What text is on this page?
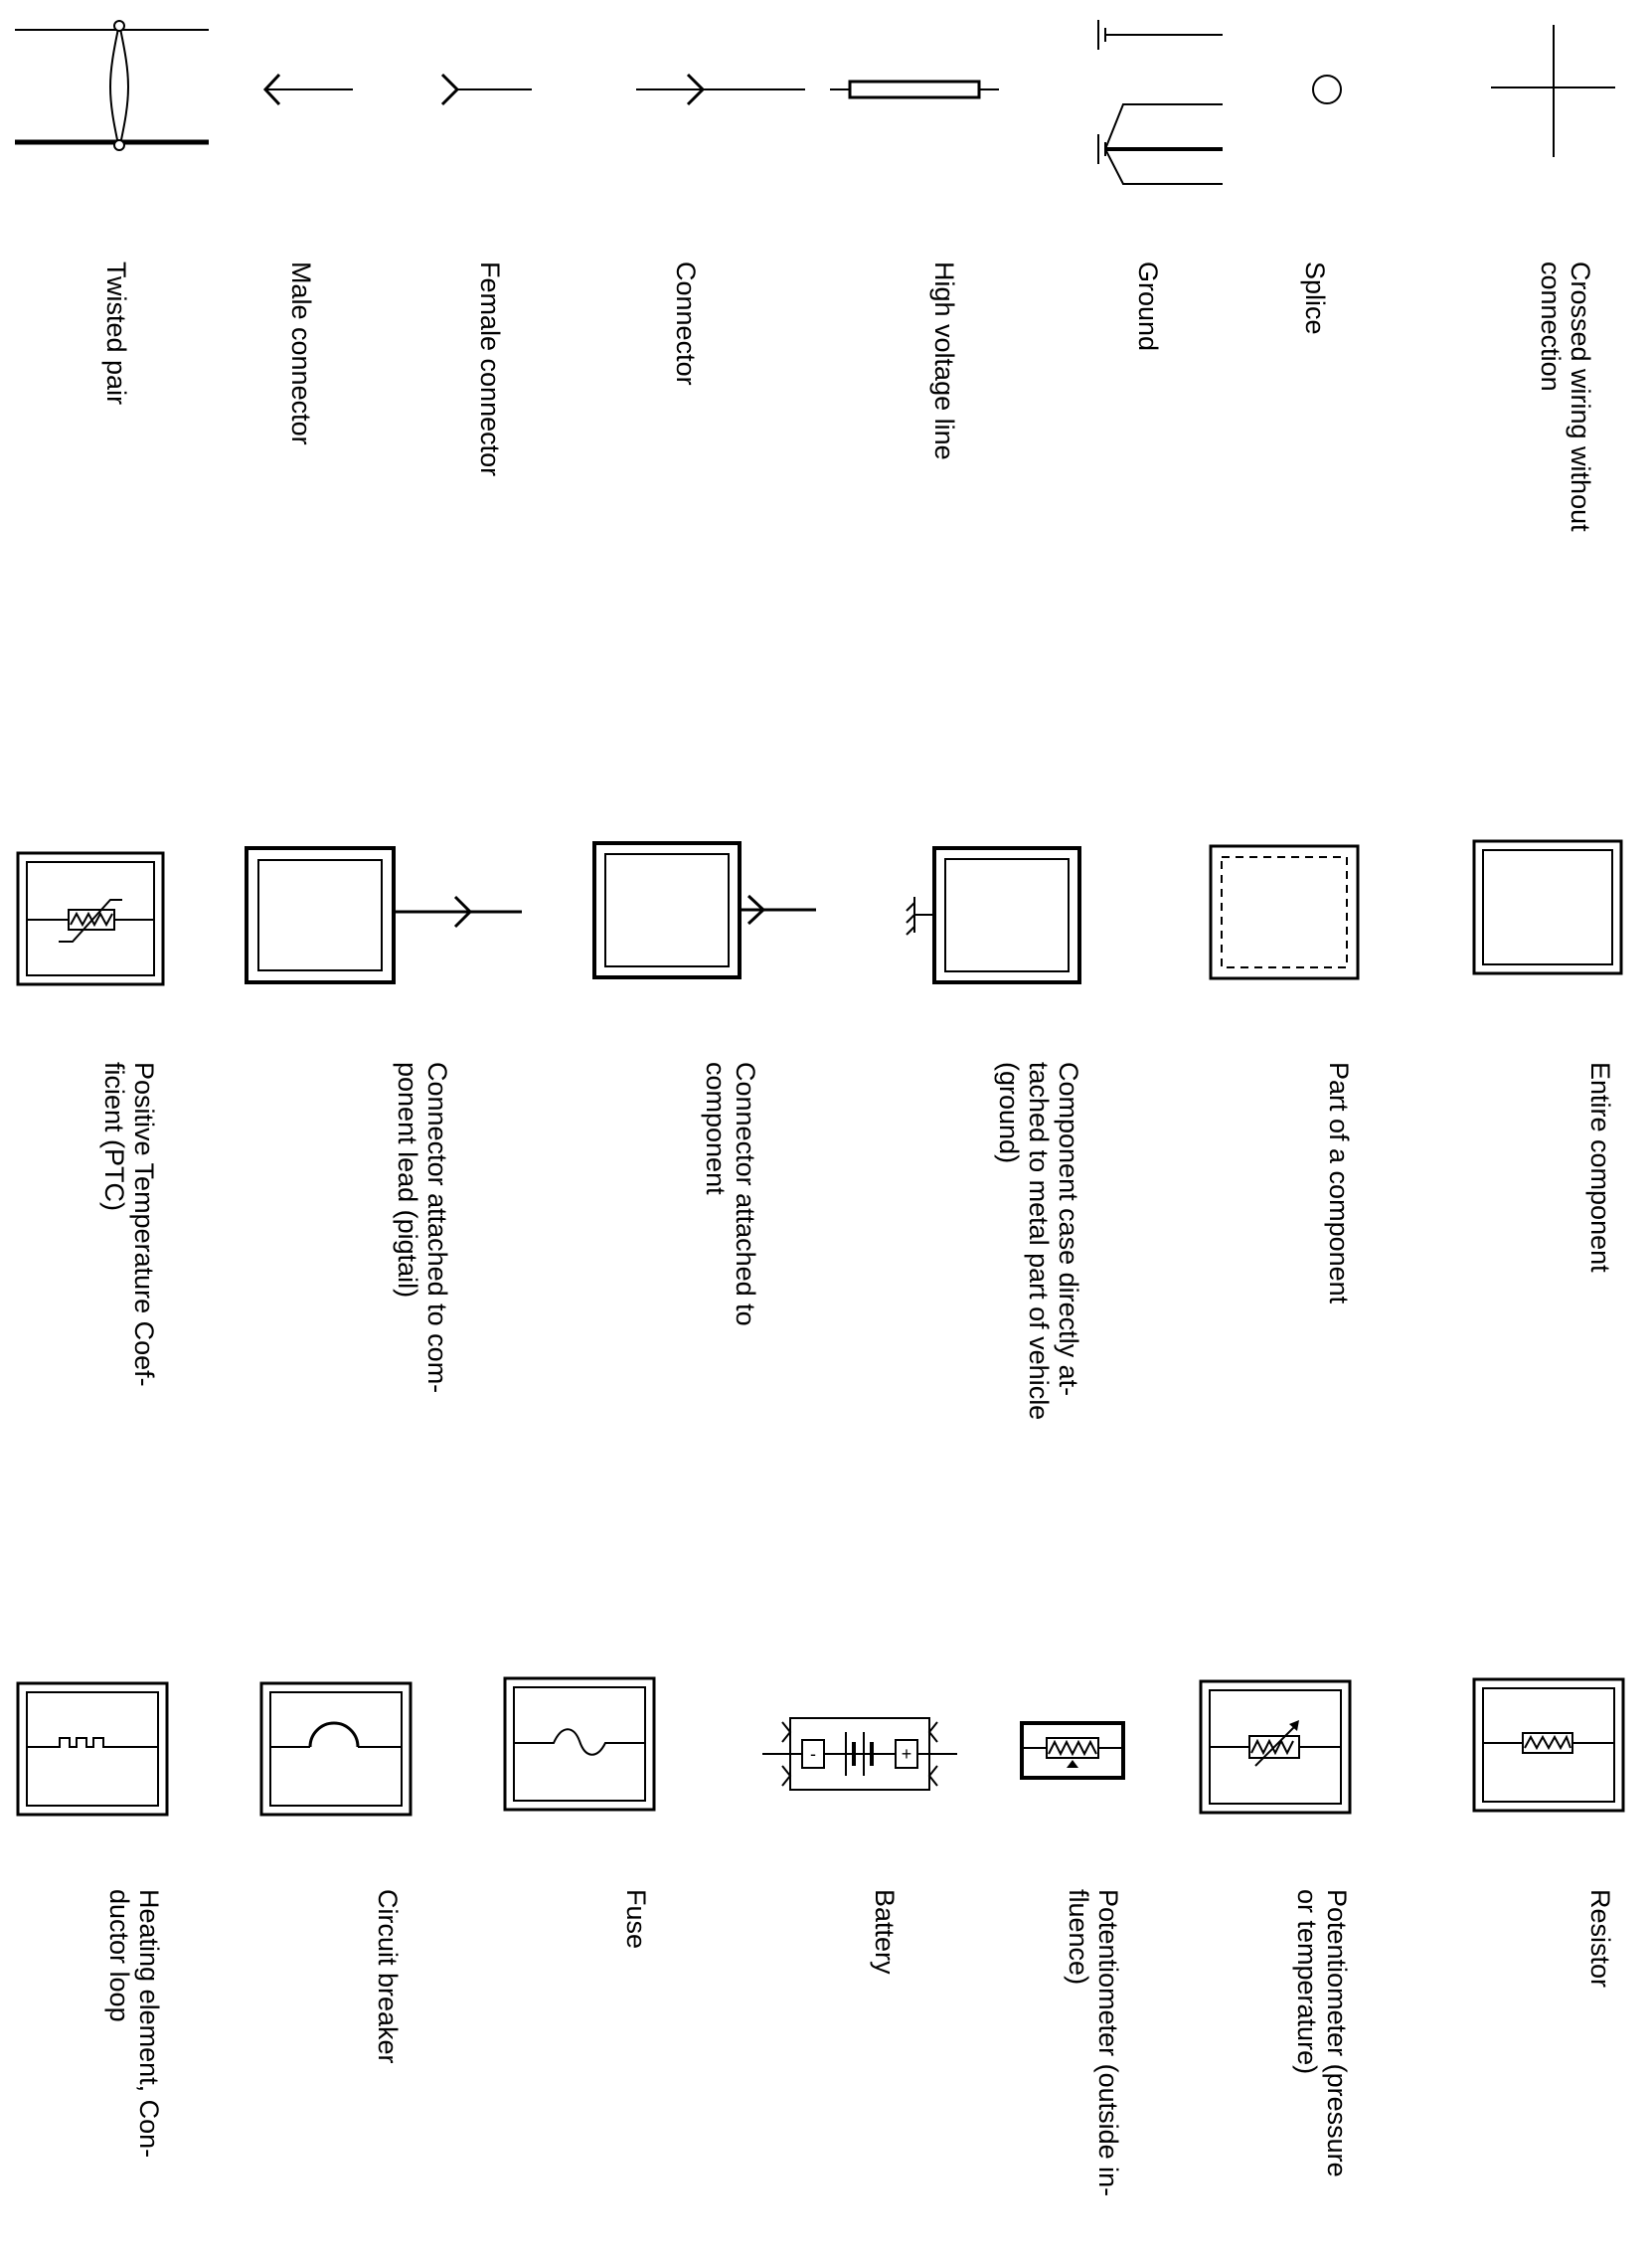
-	+
Twisted pair	Male connector	Female connector	Connector	High voltage line	Ground	Splice	Crossed wiring without
connection
Positive Temperature Coef-
ficient (PTC)	Connector attached to com-
ponent lead (pigtail)	Connector attached to
component	Component case directly at-
tached to metal part of vehicle
(ground)	Part of a component	Entire component
Heating element, Con-
ductor loop	Circuit breaker	Fuse	Battery	Potentiometer (outside in-
fluence)	Potentiometer (pressure
or temperature)	Resistor
